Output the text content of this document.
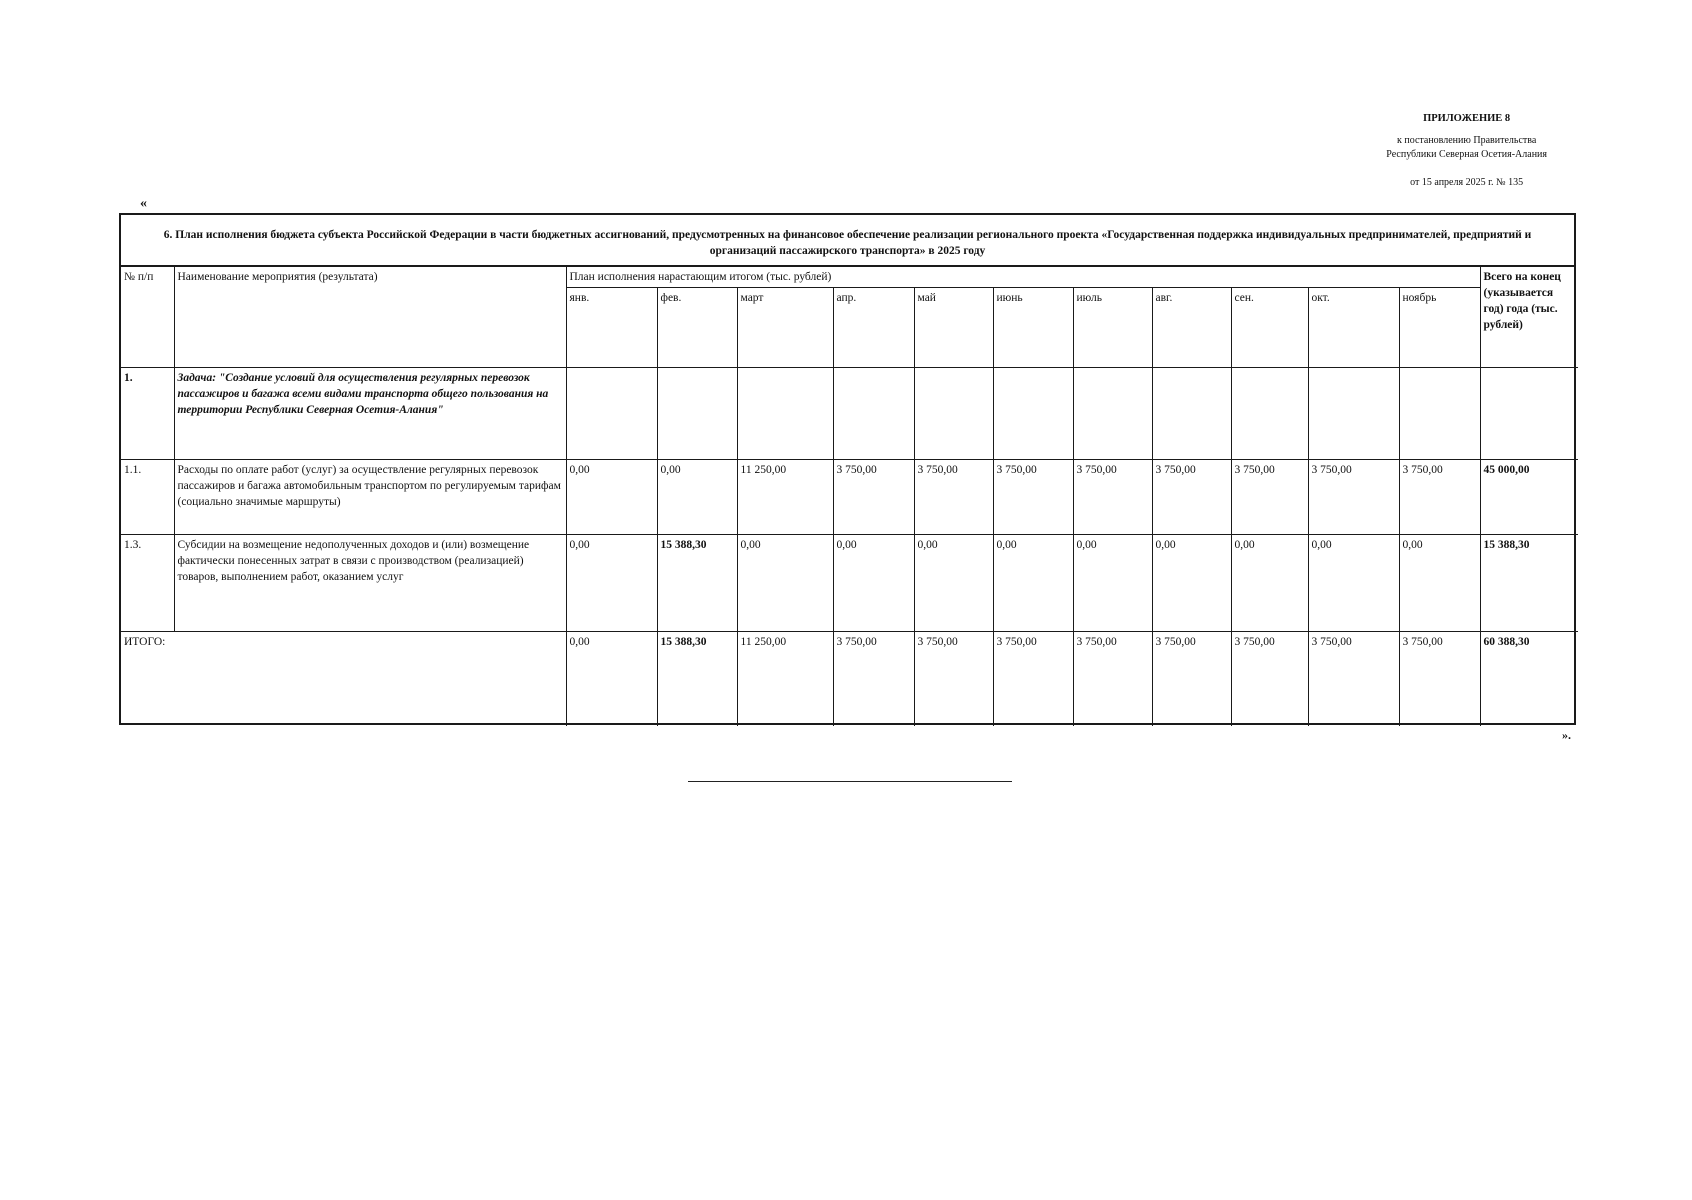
ПРИЛОЖЕНИЕ 8
к постановлению Правительства
Республики Северная Осетия-Алания
от 15 апреля 2025 г. № 135
«
6. План исполнения бюджета субъекта Российской Федерации в части бюджетных ассигнований, предусмотренных на финансовое обеспечение реализации регионального проекта «Государственная поддержка индивидуальных предпринимателей, предприятий и организаций пассажирского транспорта» в 2025 году
№ п/п	Наименование мероприятия (результата)	План исполнения нарастающим итогом (тыс. рублей)											Всего на конец (указывается год) года (тыс. рублей)
		янв.	фев.	март	апр.	май	июнь	июль	авг.	сен.	окт.	ноябрь	
1.	Задача: "Создание условий для осуществления регулярных перевозок пассажиров и багажа всеми видами транспорта общего пользования на территории Республики Северная Осетия-Алания"												
1.1.	Расходы по оплате работ (услуг) за осуществление регулярных перевозок пассажиров и багажа автомобильным транспортом по регулируемым тарифам (социально значимые маршруты)	0,00	0,00	11 250,00	3 750,00	3 750,00	3 750,00	3 750,00	3 750,00	3 750,00	3 750,00	3 750,00	45 000,00
1.3.	Субсидии на возмещение недополученных доходов и (или) возмещение фактически понесенных затрат в связи с производством (реализацией) товаров, выполнением работ, оказанием услуг	0,00	15 388,30	0,00	0,00	0,00	0,00	0,00	0,00	0,00	0,00	0,00	15 388,30
ИТОГО:		0,00	15 388,30	11 250,00	3 750,00	3 750,00	3 750,00	3 750,00	3 750,00	3 750,00	3 750,00	3 750,00	60 388,30
».
